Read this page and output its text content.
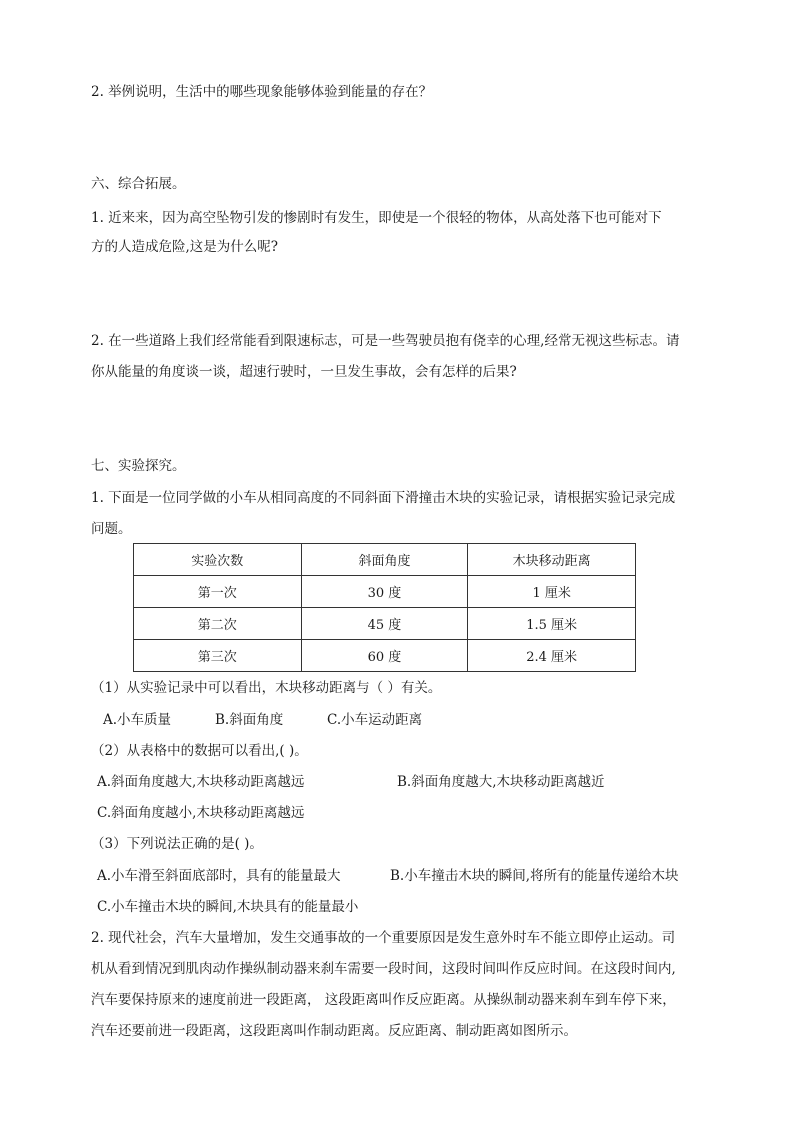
2. 举例说明，生活中的哪些现象能够体验到能量的存在？
六、综合拓展。
1. 近来来，因为高空坠物引发的惨剧时有发生，即使是一个很轻的物体，从高处落下也可能对下
方的人造成危险,这是为什么呢?
2. 在一些道路上我们经常能看到限速标志，可是一些驾驶员抱有侥幸的心理,经常无视这些标志。请
你从能量的角度谈一谈，超速行驶时，一旦发生事故，会有怎样的后果?
七、实验探究。
1. 下面是一位同学做的小车从相同高度的不同斜面下滑撞击木块的实验记录，请根据实验记录完成
问题。
实验次数	斜面角度	木块移动距离
第一次	30 度	1 厘米
第二次	45 度	1.5 厘米
第三次	60 度	2.4 厘米
（1）从实验记录中可以看出，木块移动距离与（ ）有关。
A.小车质量	B.斜面角度	C.小车运动距离
（2）从表格中的数据可以看出,( )。
A.斜面角度越大,木块移动距离越远	B.斜面角度越大,木块移动距离越近
C.斜面角度越小,木块移动距离越远
（3）下列说法正确的是( )。
A.小车滑至斜面底部时，具有的能量最大	B.小车撞击木块的瞬间,将所有的能量传递给木块
C.小车撞击木块的瞬间,木块具有的能量最小
2. 现代社会，汽车大量增加，发生交通事故的一个重要原因是发生意外时车不能立即停止运动。司
机从看到情况到肌肉动作操纵制动器来刹车需要一段时间，这段时间叫作反应时间。在这段时间内,
汽车要保持原来的速度前进一段距离， 这段距离叫作反应距离。从操纵制动器来刹车到车停下来，
汽车还要前进一段距离，这段距离叫作制动距离。反应距离、制动距离如图所示。
